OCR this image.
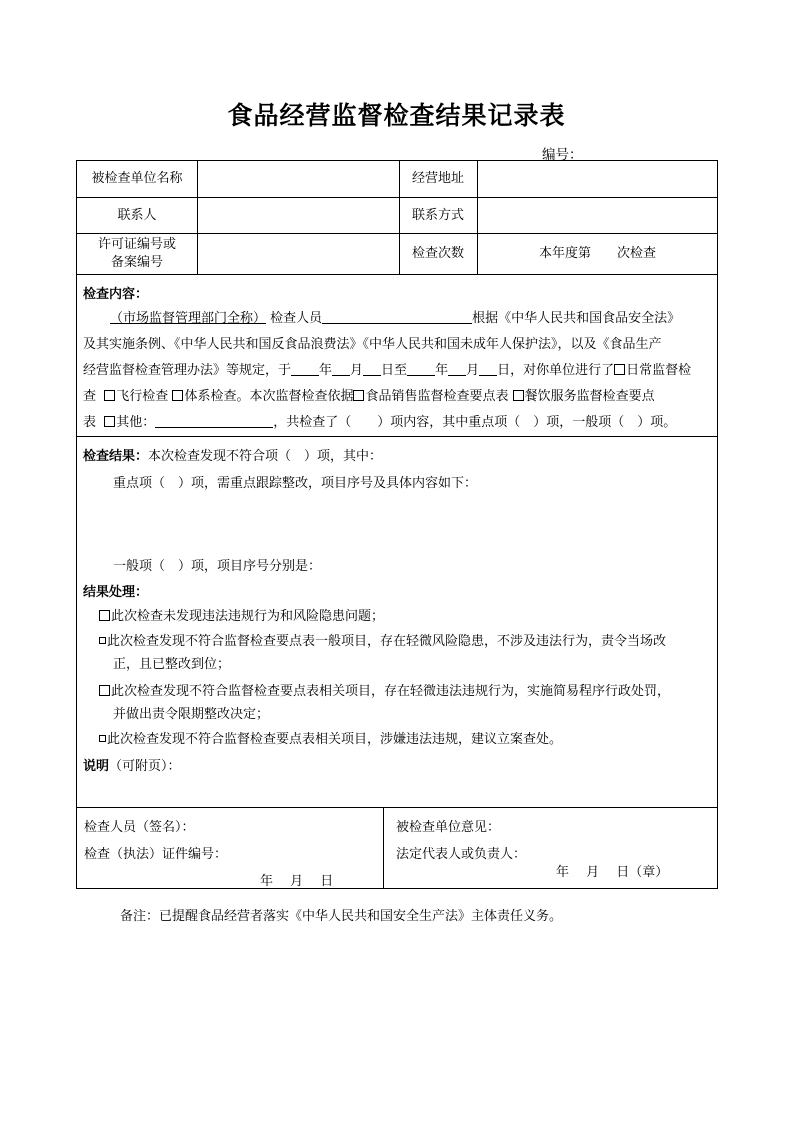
食品经营监督检查结果记录表
编号：
被检查单位名称	经营地址
联系人	联系方式
许可证编号或
备案编号
检查次数	本年度第　　次检查
检查内容：
（市场监督管理部门全称） 检查人员	根据《中华人民共和国食品安全法》
及其实施条例、《中华人民共和国反食品浪费法》《中华人民共和国未成年人保护法》，以及《食品生产
经营监督检查管理办法》等规定，于 年 月 日至 年 月 日，对你单位进行了 日常监督检
查 飞行检查 体系检查。本次监督检查依据 食品销售监督检查要点表 餐饮服务监督检查要点
表 其他：	，共检查了（　　）项内容，其中重点项（　）项，一般项（　）项。
检查结果：本次检查发现不符合项（　）项，其中：
重点项（　）项，需重点跟踪整改，项目序号及具体内容如下：
一般项（　）项，项目序号分别是：
结果处理：
此次检查未发现违法违规行为和风险隐患问题；
此次检查发现不符合监督检查要点表一般项目，存在轻微风险隐患，不涉及违法行为，责令当场改
正，且已整改到位；
此次检查发现不符合监督检查要点表相关项目，存在轻微违法违规行为，实施简易程序行政处罚，
并做出责令限期整改决定；
此次检查发现不符合监督检查要点表相关项目，涉嫌违法违规，建议立案查处。
说明（可附页）：
检查人员（签名）：
检查（执法）证件编号：
年　 月　 日
被检查单位意见：
法定代表人或负责人：
年　 月　 日（章）
备注：已提醒食品经营者落实《中华人民共和国安全生产法》主体责任义务。
